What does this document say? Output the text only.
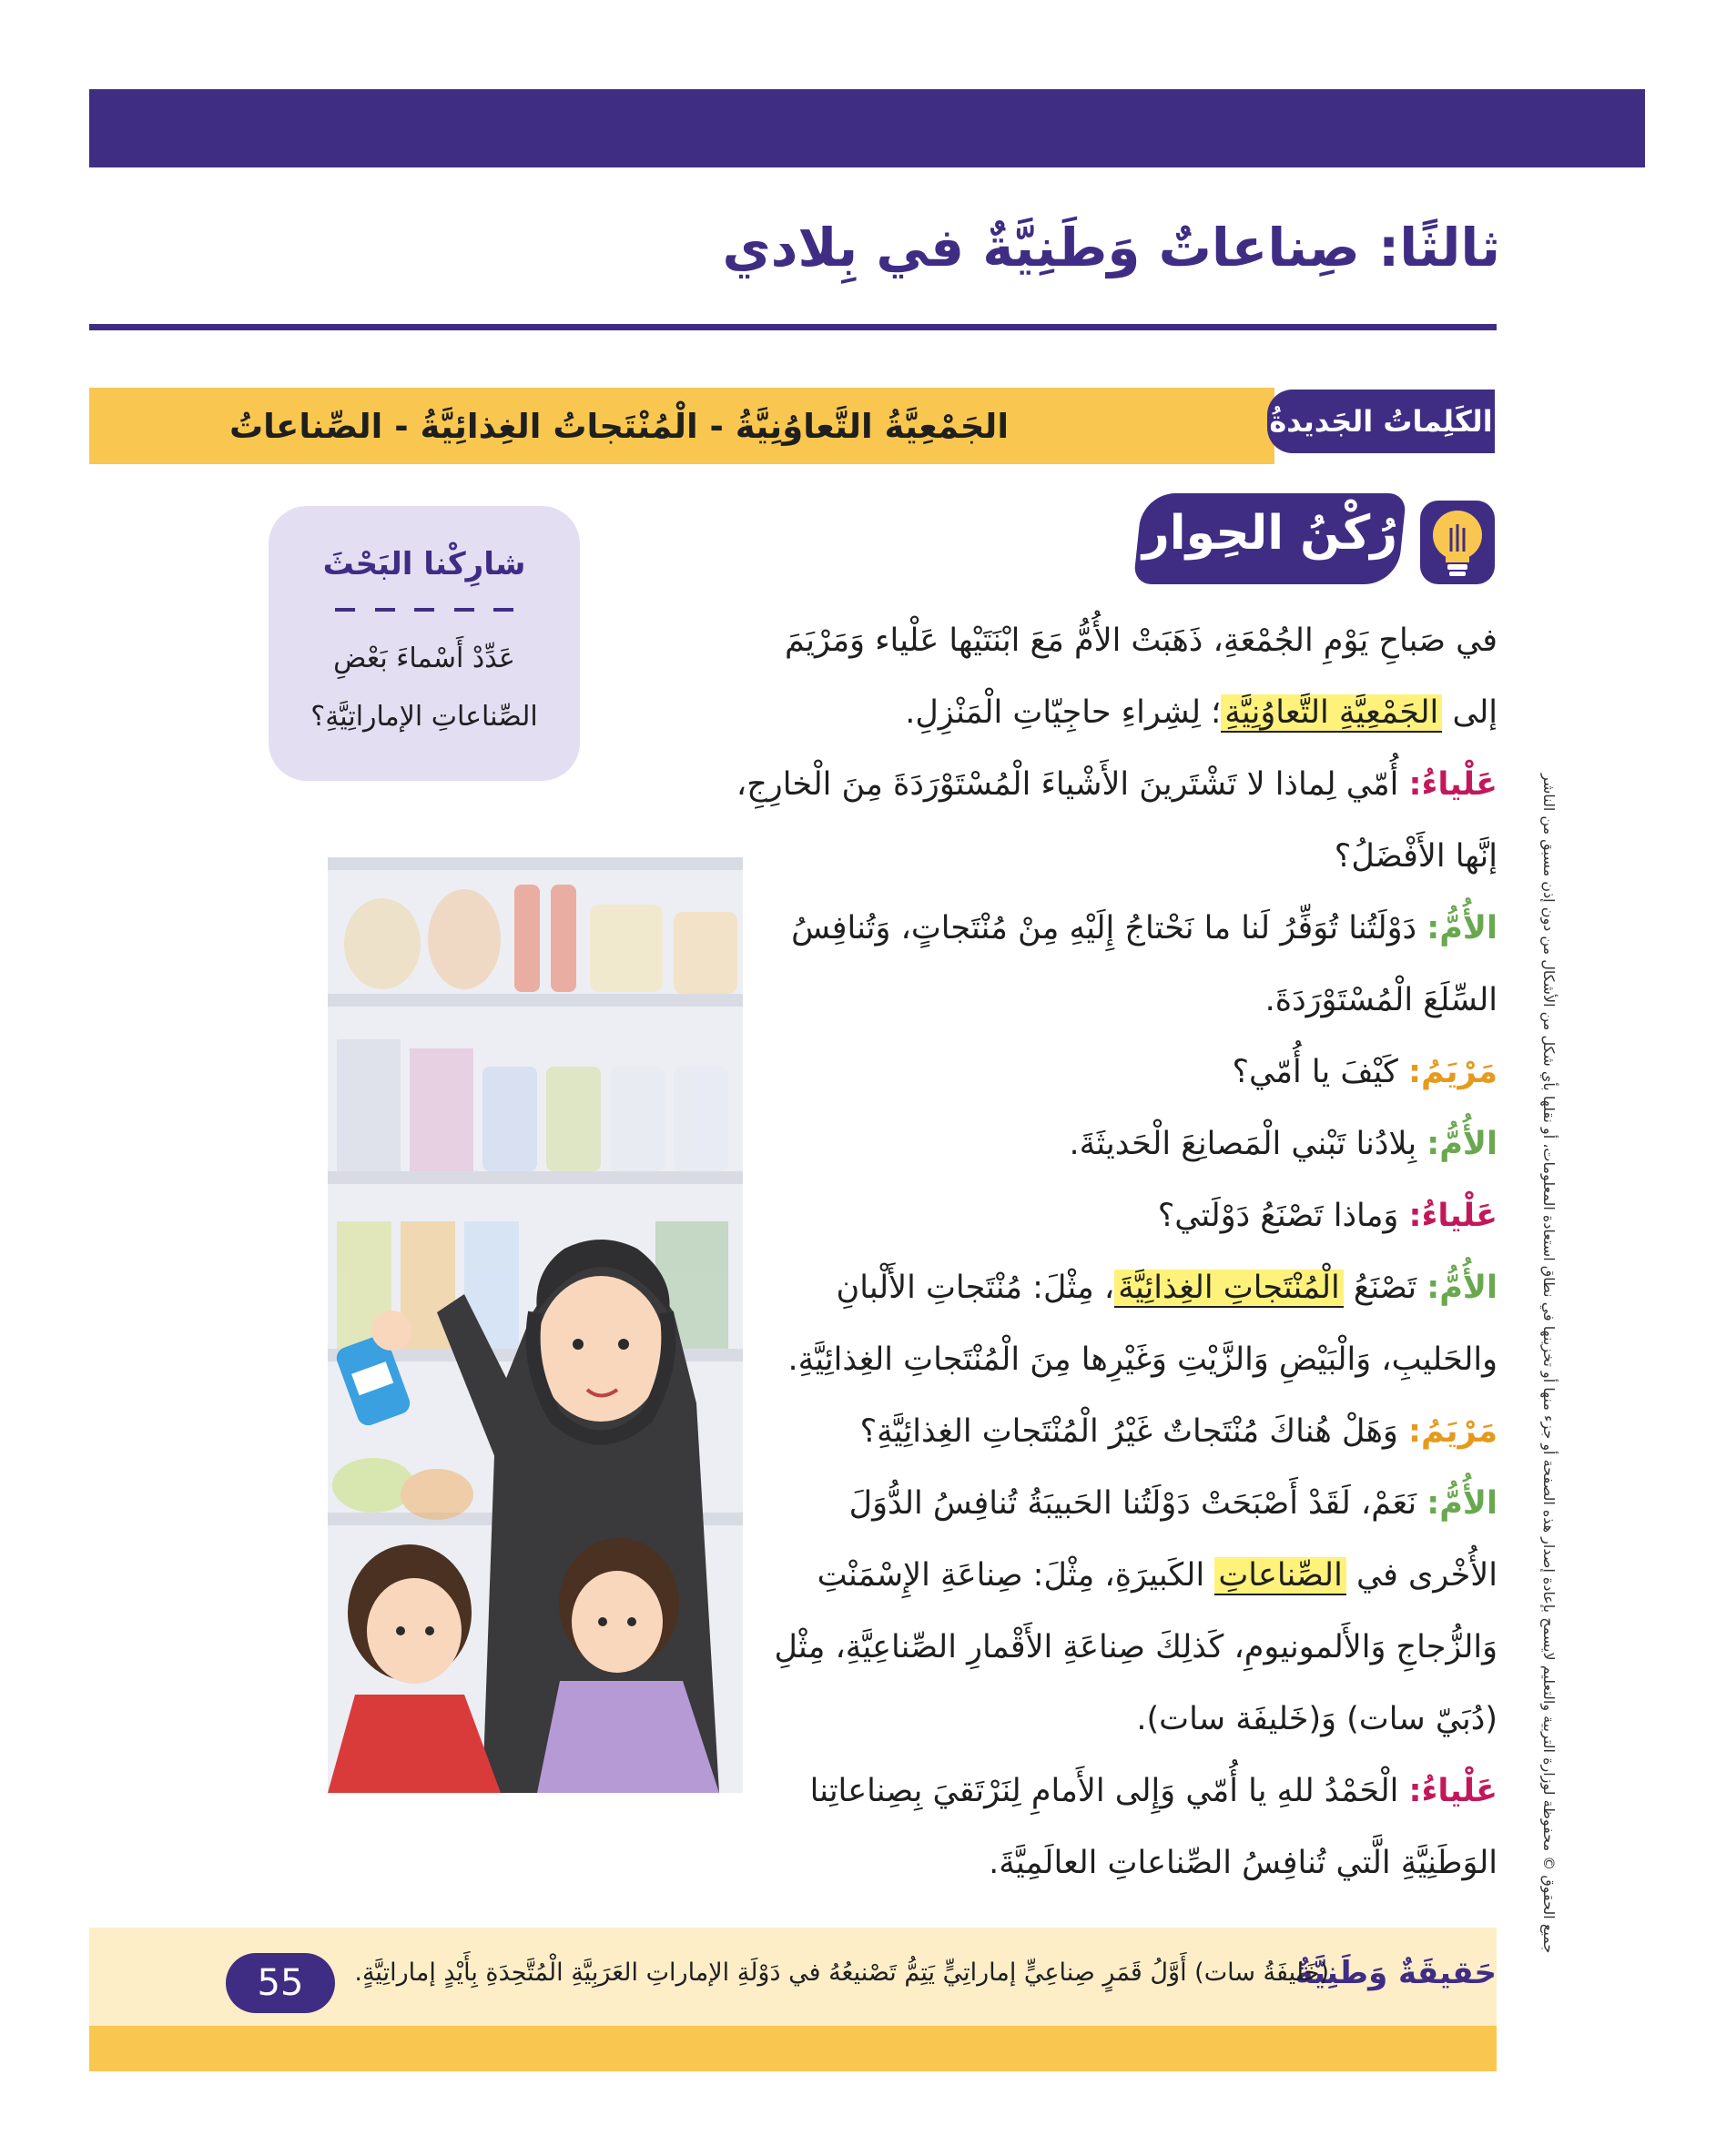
ثالثًا: صِناعاتٌ وَطَنِيَّةٌ في بِلادي
الجَمْعِيَّةُ التَّعاوُنِيَّةُ - الْمُنْتَجاتُ الغِذائِيَّةُ - الصِّناعاتُ	الكَلِماتُ الجَديدةُ
شارِكْنا البَحْثَ
عَدِّدْ أَسْماءَ بَعْضِ
الصِّناعاتِ الإماراتِيَّةِ؟
رُكْنُ الحِوار

في صَباحِ يَوْمِ الجُمْعَةِ، ذَهَبَتْ الأُمُّ مَعَ ابْنَتَيْها عَلْياء وَمَرْيَمَ
إلى الجَمْعِيَّةِ التَّعاوُنِيَّةِ؛ لِشِراءِ حاجِيّاتِ الْمَنْزِلِ.

عَلْياءُ: أُمّي لِماذا لا تَشْتَرينَ الأَشْياءَ الْمُسْتَوْرَدَةَ مِنَ الْخارِجِ،
إنَّها الأَفْضَلُ؟

الأُمُّ: دَوْلَتُنا تُوَفِّرُ لَنا ما نَحْتاجُ إِلَيْهِ مِنْ مُنْتَجاتٍ، وَتُنافِسُ
السِّلَعَ الْمُسْتَوْرَدَةَ.

مَرْيَمُ: كَيْفَ يا أُمّي؟

الأُمُّ: بِلادُنا تَبْني الْمَصانِعَ الْحَديثَةَ.

عَلْياءُ: وَماذا تَصْنَعُ دَوْلَتي؟

الأُمُّ: تَصْنَعُ الْمُنْتَجاتِ الغِذائِيَّةَ، مِثْلَ: مُنْتَجاتِ الأَلْبانِ
والحَليبِ، وَالْبَيْضِ وَالزَّيْتِ وَغَيْرِها مِنَ الْمُنْتَجاتِ الغِذائِيَّةِ.

مَرْيَمُ: وَهَلْ هُناكَ مُنْتَجاتٌ غَيْرُ الْمُنْتَجاتِ الغِذائِيَّةِ؟

الأُمُّ: نَعَمْ، لَقَدْ أَصْبَحَتْ دَوْلَتُنا الحَبيبَةُ تُنافِسُ الدُّوَلَ
الأُخْرى في الصِّناعاتِ الكَبيرَةِ، مِثْلَ: صِناعَةِ الإِسْمَنْتِ
وَالزُّجاجِ وَالأَلمونيومِ، كَذلِكَ صِناعَةِ الأَقْمارِ الصِّناعِيَّةِ، مِثْلِ
(دُبَيّ سات) وَ(خَليفَة سات).

عَلْياءُ: الْحَمْدُ للهِ يا أُمّي وَإِلى الأَمامِ لِنَرْتَقيَ بِصِناعاتِنا
الوَطَنِيَّةِ الَّتي تُنافِسُ الصِّناعاتِ العالَمِيَّةَ.	جميع الحقوق © محفوظة لوزارة التربية والتعليم لايسمح بإعادة إصدار هذه الصفحة أو جزء منها أو تخزينها في نطاق استعادة المعلومات، أو نقلها بأي شكل من الأشكال من دون إذن مسبق من الناشر
حَقيقَةٌ وَطَنِيَّةٌ
(خَليفَةُ سات) أَوَّلُ قَمَرٍ صِناعِيٍّ إماراتِيٍّ يَتِمُّ تَصْنيعُهُ في دَوْلَةِ الإماراتِ العَرَبِيَّةِ الْمُتَّحِدَةِ بِأَيْدٍ إماراتِيَّةٍ.
55
